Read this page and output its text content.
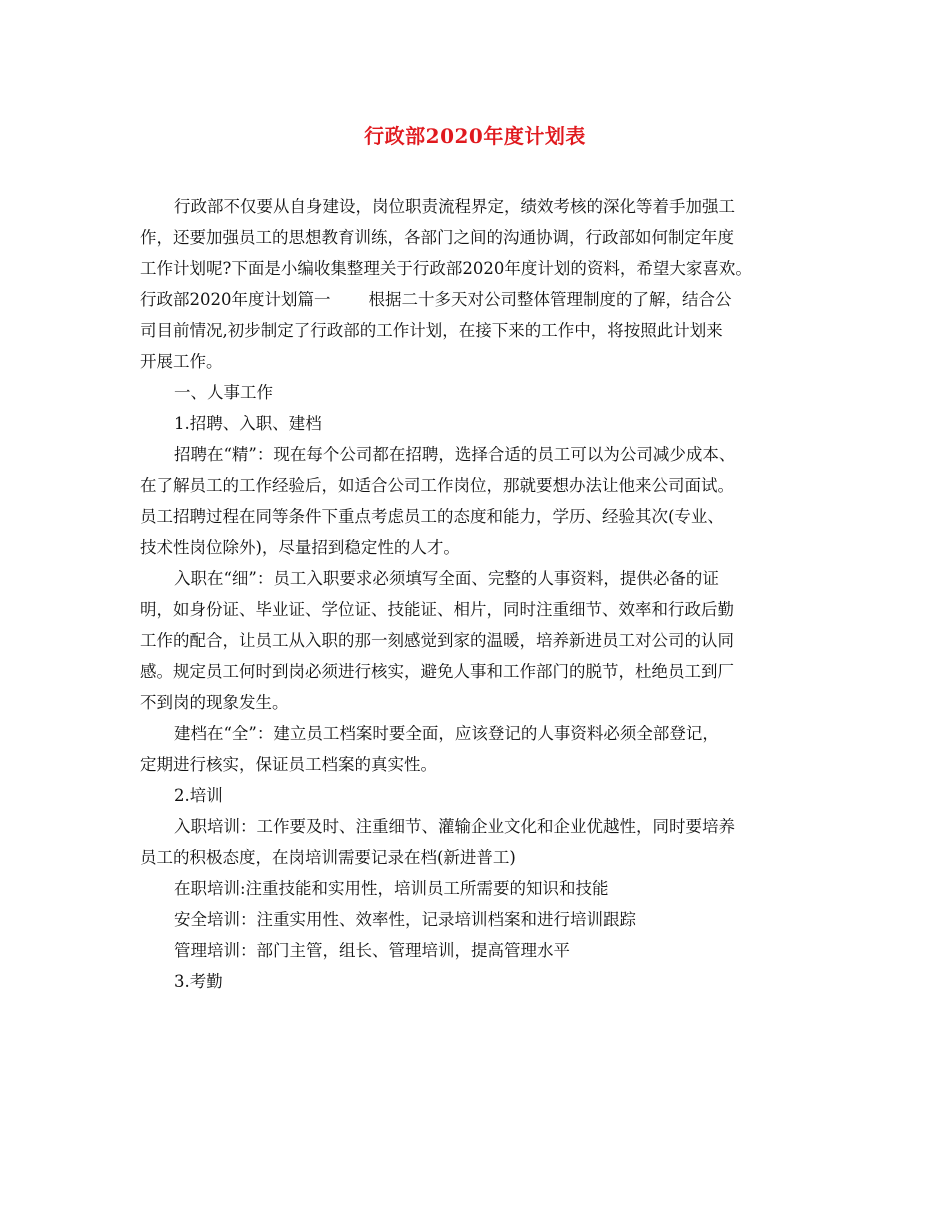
行政部2020年度计划表
行政部不仅要从自身建设，岗位职责流程界定，绩效考核的深化等着手加强工
作，还要加强员工的思想教育训练，各部门之间的沟通协调，行政部如何制定年度
工作计划呢?下面是小编收集整理关于行政部2020年度计划的资料，希望大家喜欢。
行政部2020年度计划篇一 根据二十多天对公司整体管理制度的了解，结合公
司目前情况,初步制定了行政部的工作计划，在接下来的工作中，将按照此计划来
开展工作。
一、人事工作
1.招聘、入职、建档
招聘在“精”：现在每个公司都在招聘，选择合适的员工可以为公司减少成本、
在了解员工的工作经验后，如适合公司工作岗位，那就要想办法让他来公司面试。
员工招聘过程在同等条件下重点考虑员工的态度和能力，学历、经验其次(专业、
技术性岗位除外)，尽量招到稳定性的人才。
入职在“细”：员工入职要求必须填写全面、完整的人事资料，提供必备的证
明，如身份证、毕业证、学位证、技能证、相片，同时注重细节、效率和行政后勤
工作的配合，让员工从入职的那一刻感觉到家的温暖，培养新进员工对公司的认同
感。规定员工何时到岗必须进行核实，避免人事和工作部门的脱节，杜绝员工到厂
不到岗的现象发生。
建档在“全”：建立员工档案时要全面，应该登记的人事资料必须全部登记，
定期进行核实，保证员工档案的真实性。
2.培训
入职培训：工作要及时、注重细节、灌输企业文化和企业优越性，同时要培养
员工的积极态度，在岗培训需要记录在档(新进普工)
在职培训:注重技能和实用性，培训员工所需要的知识和技能
安全培训：注重实用性、效率性，记录培训档案和进行培训跟踪
管理培训：部门主管，组长、管理培训，提高管理水平
3.考勤
